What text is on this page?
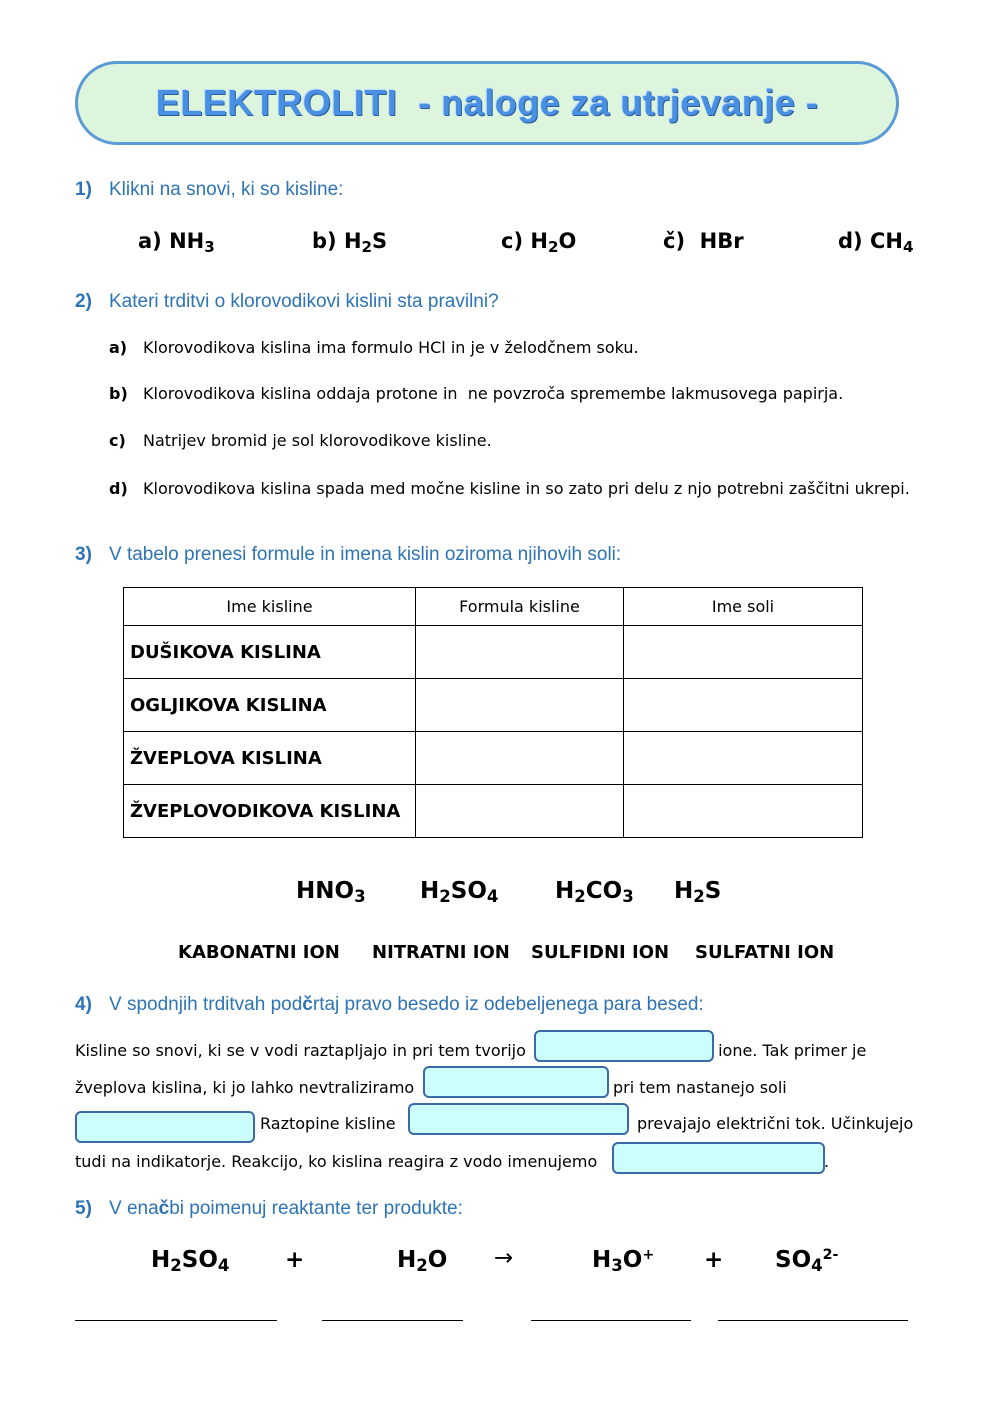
ELEKTROLITI  - naloge za utrjevanje -
1) Klikni na snovi, ki so kisline:
a) $NH_3$	b) $H_2S$	c) $H_2O$	č)  HBr	d) $CH_4$
2) Kateri trditvi o klorovodikovi kislini sta pravilni?
a) Klorovodikova kislina ima formulo HCl in je v želodčnem soku.
b) Klorovodikova kislina oddaja protone in  ne povzroča spremembe lakmusovega papirja.
c) Natrijev bromid je sol klorovodikove kisline.
d) Klorovodikova kislina spada med močne kisline in so zato pri delu z njo potrebni zaščitni ukrepi.
3) V tabelo prenesi formule in imena kislin oziroma njihovih soli:
Ime kisline	Formula kisline	Ime soli
DUŠIKOVA KISLINA		
OGLJIKOVA KISLINA		
ŽVEPLOVA KISLINA		
ŽVEPLOVODIKOVA KISLINA		
$HNO_3$ $H_2SO_4$ $H_2CO_3$ $H_2S$
KABONATNI ION NITRATNI ION SULFIDNI ION SULFATNI ION
4) V spodnjih trditvah podčrtaj pravo besedo iz odebeljenega para besed:
Kisline so snovi, ki se v vodi raztapljajo in pri tem tvorijo	ione. Tak primer je
žveplova kislina, ki jo lahko nevtraliziramo	pri tem nastanejo soli
Raztopine kisline	prevajajo električni tok. Učinkujejo
tudi na indikatorje. Reakcijo, ko kislina reagira z vodo imenujemo	.
5) V enačbi poimenuj reaktante ter produkte:
$H_2SO_4$ +	$H_2O$ →	$H_3O^+ + SO_4^{2-}$
